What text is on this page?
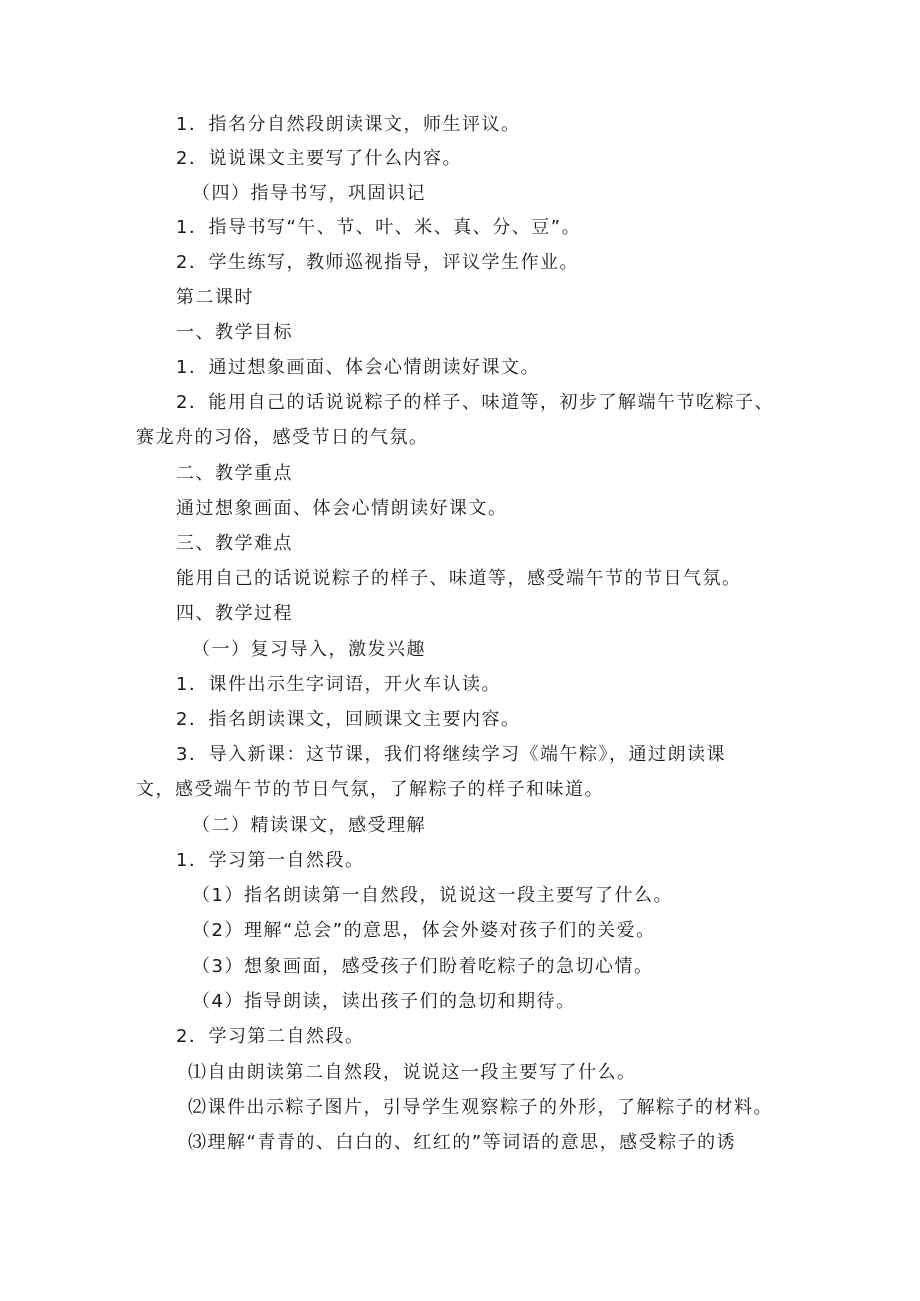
1．指名分自然段朗读课文，师生评议。
2．说说课文主要写了什么内容。
（四）指导书写，巩固识记
1．指导书写“午、节、叶、米、真、分、豆”。
2．学生练写，教师巡视指导，评议学生作业。
第二课时
一、教学目标
1．通过想象画面、体会心情朗读好课文。
2．能用自己的话说说粽子的样子、味道等，初步了解端午节吃粽子、
赛龙舟的习俗，感受节日的气氛。
二、教学重点
通过想象画面、体会心情朗读好课文。
三、教学难点
能用自己的话说说粽子的样子、味道等，感受端午节的节日气氛。
四、教学过程
（一）复习导入，激发兴趣
1．课件出示生字词语，开火车认读。
2．指名朗读课文，回顾课文主要内容。
3．导入新课：这节课，我们将继续学习《端午粽》，通过朗读课
文，感受端午节的节日气氛，了解粽子的样子和味道。
（二）精读课文，感受理解
1．学习第一自然段。
（1）指名朗读第一自然段，说说这一段主要写了什么。
（2）理解“总会”的意思，体会外婆对孩子们的关爱。
（3）想象画面，感受孩子们盼着吃粽子的急切心情。
（4）指导朗读，读出孩子们的急切和期待。
2．学习第二自然段。
⑴自由朗读第二自然段，说说这一段主要写了什么。
⑵课件出示粽子图片，引导学生观察粽子的外形，了解粽子的材料。
⑶理解“青青的、白白的、红红的”等词语的意思，感受粽子的诱
